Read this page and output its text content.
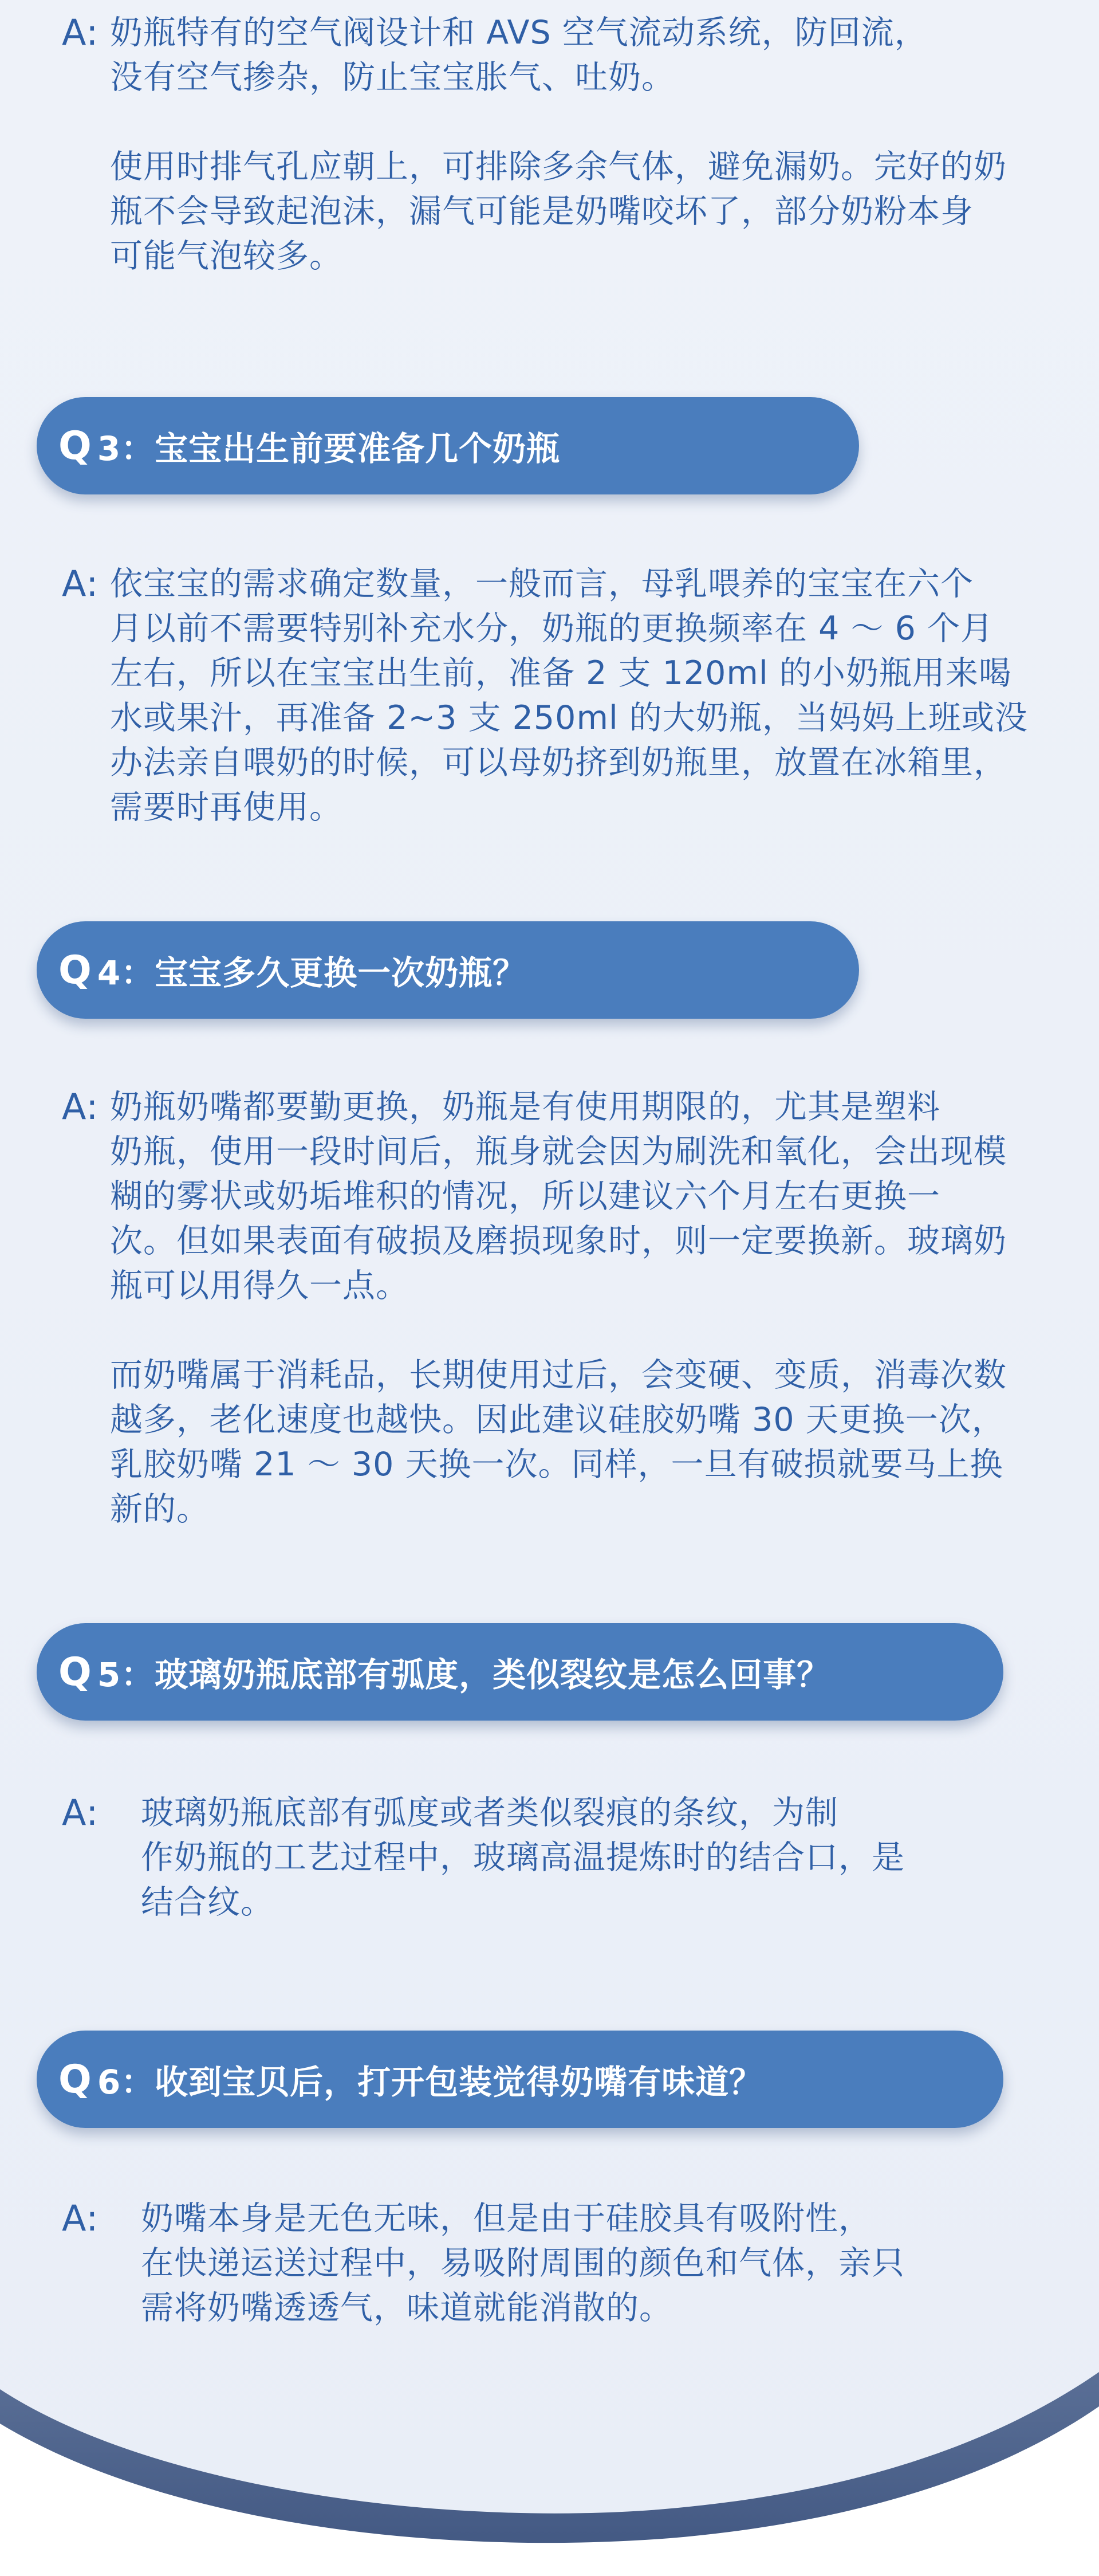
A: 奶瓶特有的空气阀设计和 AVS 空气流动系统，防回流，
没有空气掺杂，防止宝宝胀气、吐奶。

使用时排气孔应朝上，可排除多余气体，避免漏奶。完好的奶
瓶不会导致起泡沫，漏气可能是奶嘴咬坏了，部分奶粉本身
可能气泡较多。

Q 3：宝宝出生前要准备几个奶瓶
A: 依宝宝的需求确定数量，一般而言，母乳喂养的宝宝在六个
月以前不需要特别补充水分，奶瓶的更换频率在 4 ～ 6 个月
左右，所以在宝宝出生前，准备 2 支 120ml 的小奶瓶用来喝
水或果汁，再准备 2~3 支 250ml 的大奶瓶，当妈妈上班或没
办法亲自喂奶的时候，可以母奶挤到奶瓶里，放置在冰箱里，
需要时再使用。

Q 4：宝宝多久更换一次奶瓶？
A: 奶瓶奶嘴都要勤更换，奶瓶是有使用期限的，尤其是塑料
奶瓶，使用一段时间后，瓶身就会因为刷洗和氧化，会出现模
糊的雾状或奶垢堆积的情况，所以建议六个月左右更换一
次。但如果表面有破损及磨损现象时，则一定要换新。玻璃奶
瓶可以用得久一点。

而奶嘴属于消耗品，长期使用过后，会变硬、变质，消毒次数
越多，老化速度也越快。因此建议硅胶奶嘴 30 天更换一次，
乳胶奶嘴 21 ～ 30 天换一次。同样，一旦有破损就要马上换
新的。

Q 5：玻璃奶瓶底部有弧度，类似裂纹是怎么回事？
A:	玻璃奶瓶底部有弧度或者类似裂痕的条纹，为制
作奶瓶的工艺过程中，玻璃高温提炼时的结合口，是
结合纹。

Q 6：收到宝贝后，打开包装觉得奶嘴有味道？
A:	奶嘴本身是无色无味，但是由于硅胶具有吸附性，
在快递运送过程中，易吸附周围的颜色和气体，亲只
需将奶嘴透透气，味道就能消散的。
